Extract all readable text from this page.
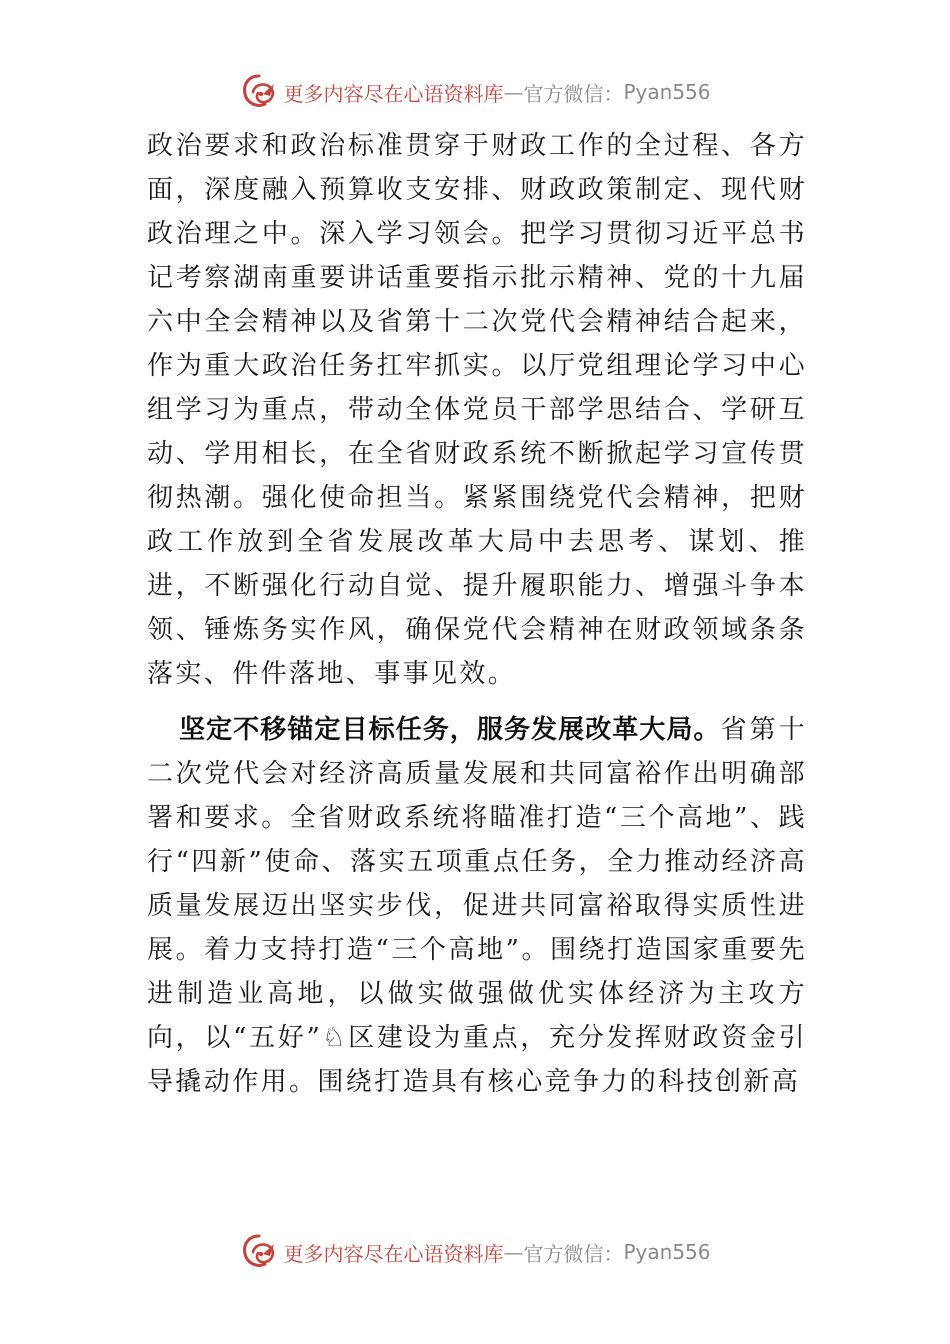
更多内容尽在心语资料库 — 官方微信： Pyan556

政治要求和政治标准贯穿于财政工作的全过程、各方面，深度融入预算收支安排、财政政策制定、现代财政治理之中。深入学习领会。把学习贯彻习近平总书记考察湖南重要讲话重要指示批示精神、党的十九届六中全会精神以及省第十二次党代会精神结合起来，作为重大政治任务扛牢抓实。以厅党组理论学习中心组学习为重点，带动全体党员干部学思结合、学研互动、学用相长，在全省财政系统不断掀起学习宣传贯彻热潮。强化使命担当。紧紧围绕党代会精神，把财政工作放到全省发展改革大局中去思考、谋划、推进，不断强化行动自觉、提升履职能力、增强斗争本领、锤炼务实作风，确保党代会精神在财政领域条条落实、件件落地、事事见效。

坚定不移锚定目标任务，服务发展改革大局。省第十二次党代会对经济高质量发展和共同富裕作出明确部署和要求。全省财政系统将瞄准打造“三个高地”、践行“四新”使命、落实五项重点任务，全力推动经济高质量发展迈出坚实步伐，促进共同富裕取得实质性进展。着力支持打造“三个高地”。围绕打造国家重要先进制造业高地，以做实做强做优实体经济为主攻方向，以“五好”♘区建设为重点，充分发挥财政资金引导撬动作用。围绕打造具有核心竞争力的科技创新高

更多内容尽在心语资料库 — 官方微信： Pyan556
